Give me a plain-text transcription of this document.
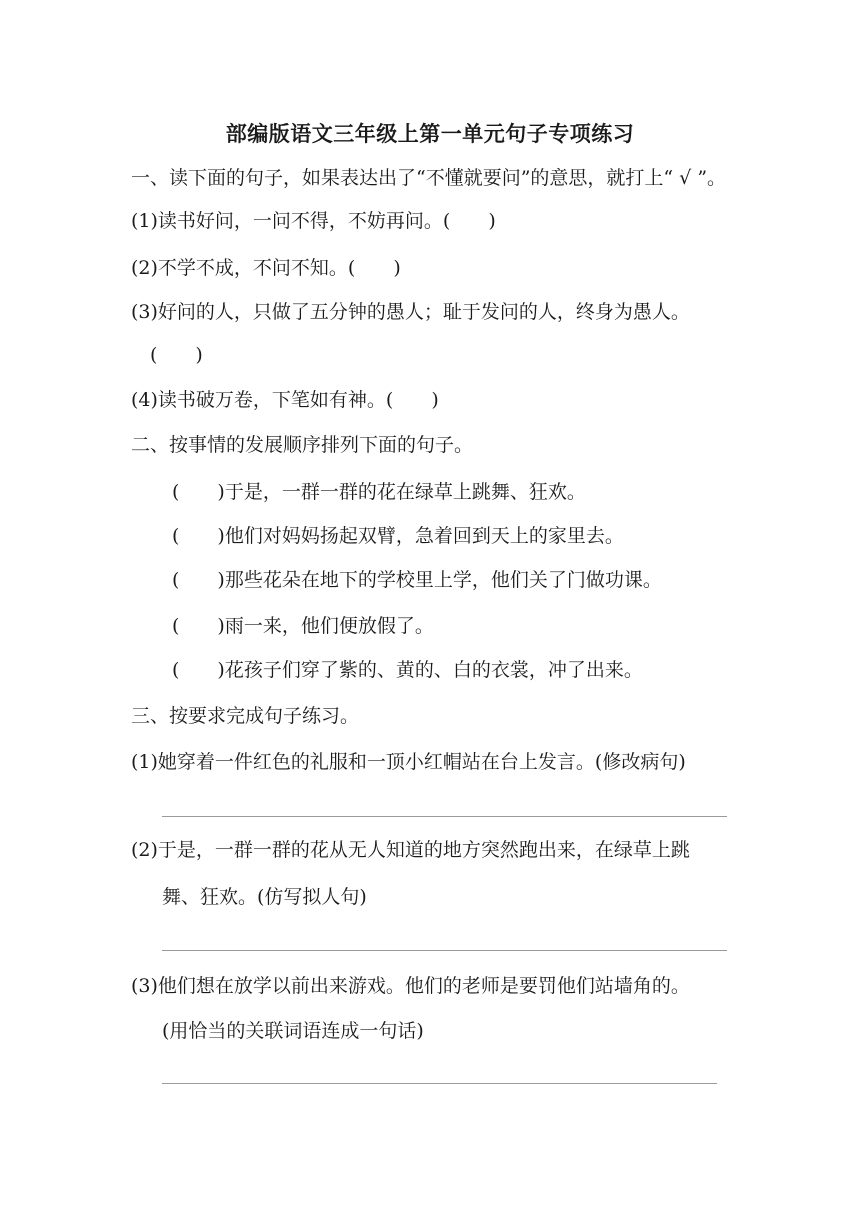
部编版语文三年级上第一单元句子专项练习
一、读下面的句子，如果表达出了“不懂就要问”的意思，就打上“ √ ”。
(1)读书好问，一问不得，不妨再问。(　　)
(2)不学不成，不问不知。(　　)
(3)好问的人，只做了五分钟的愚人；耻于发问的人，终身为愚人。
(　　)
(4)读书破万卷，下笔如有神。(　　)
二、按事情的发展顺序排列下面的句子。
(　　)于是，一群一群的花在绿草上跳舞、狂欢。
(　　)他们对妈妈扬起双臂，急着回到天上的家里去。
(　　)那些花朵在地下的学校里上学，他们关了门做功课。
(　　)雨一来，他们便放假了。
(　　)花孩子们穿了紫的、黄的、白的衣裳，冲了出来。
三、按要求完成句子练习。
(1)她穿着一件红色的礼服和一顶小红帽站在台上发言。(修改病句)
(2)于是，一群一群的花从无人知道的地方突然跑出来，在绿草上跳
舞、狂欢。(仿写拟人句)
(3)他们想在放学以前出来游戏。他们的老师是要罚他们站墙角的。
(用恰当的关联词语连成一句话)
